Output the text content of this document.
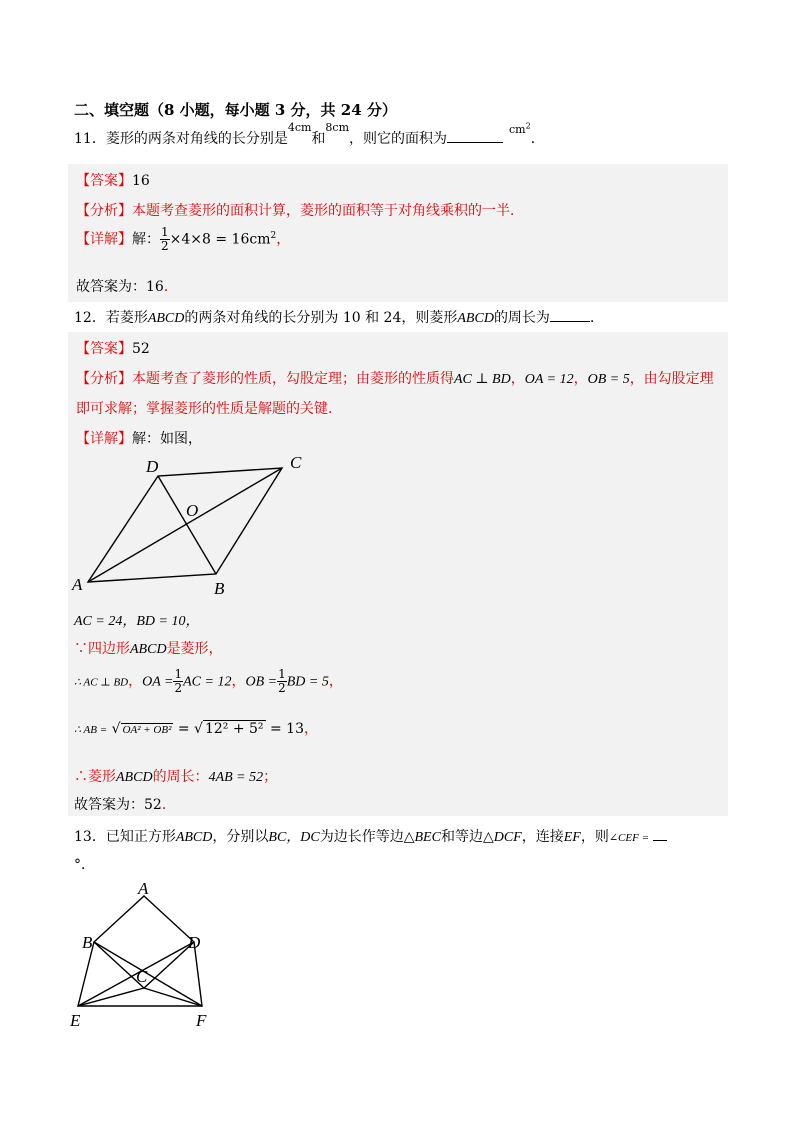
二、填空题（8 小题，每小题 3 分，共 24 分）
11．菱形的两条对角线的长分别是$^{4cm}$和$^{8cm}$，则它的面积为$^{cm^2}$．
【答案】16
【分析】本题考查菱形的面积计算，菱形的面积等于对角线乘积的一半．
【详解】解： $\frac{1}{2} \times 4\times 8 = 16cm^2$，
故答案为：16．
12．若菱形ABCD的两条对角线的长分别为 10 和 24，则菱形ABCD的周长为	．
【答案】52
【分析】本题考查了菱形的性质，勾股定理；由菱形的性质得AC ⊥ BD，OA = 12，OB = 5，由勾股定理
即可求解；掌握菱形的性质是解题的关键．
【详解】解：如图，
A	B
C
D
O
AC = 24，BD = 10，
∵四边形ABCD是菱形，
∴ AC ⊥ BD，OA = $\frac{1}{2}$ AC = 12，OB = $\frac{1}{2}$ BD = 5，
∴ AB = √ OA² + OB² = √ 12² + 5² = 13，
∴菱形ABCD的周长：4AB = 52；
故答案为：52．
13．已知正方形ABCD，分别以BC，DC为边长作等边△BEC和等边△DCF，连接EF，则∠CEF =
°．
A
B
C
D
E	F
